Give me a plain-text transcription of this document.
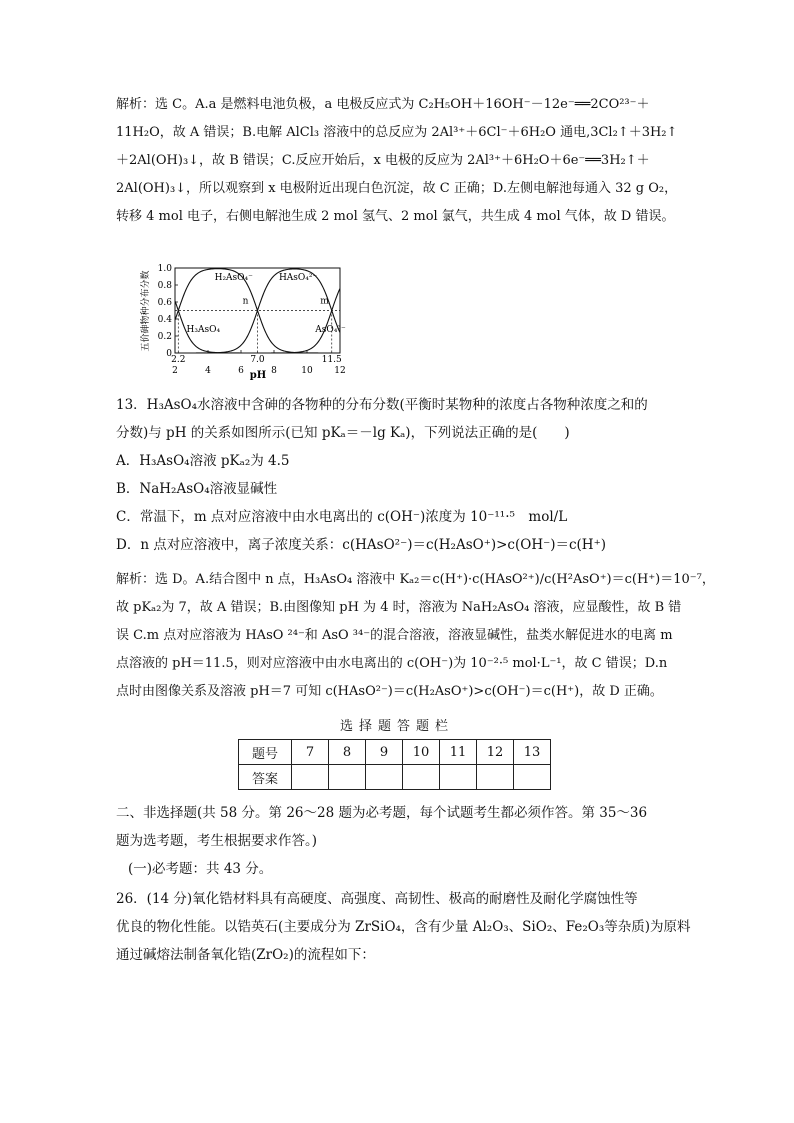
解析：选 C。A.a 是燃料电池负极，a 电极反应式为 C₂H₅OH＋16OH⁻－12e⁻══2CO²³⁻＋
11H₂O，故 A 错误；B.电解 AlCl₃ 溶液中的总反应为 2Al³⁺＋6Cl⁻＋6H₂O 通电,3Cl₂↑＋3H₂↑
＋2Al(OH)₃↓，故 B 错误；C.反应开始后，x 电极的反应为 2Al³⁺＋6H₂O＋6e⁻══3H₂↑＋
2Al(OH)₃↓，所以观察到 x 电极附近出现白色沉淀，故 C 正确；D.左侧电解池每通入 32 g O₂，
转移 4 mol 电子，右侧电解池生成 2 mol 氢气、2 mol 氯气，共生成 4 mol 气体，故 D 错误。
五价砷物种分布分数
0
0.2
0.4
0.6
0.8
1.0
2	4	6	8	10 12
2.2	7.0	11.5
H₃AsO₄
H₂AsO₄⁻	HAsO₄²⁻
AsO₄³⁻
n	m
pH
13．H₃AsO₄水溶液中含砷的各物种的分布分数(平衡时某物种的浓度占各物种浓度之和的
分数)与 pH 的关系如图所示(已知 pKₐ＝－lg Kₐ)，下列说法正确的是(　　)
A．H₃AsO₄溶液 pKₐ₂为 4.5
B．NaH₂AsO₄溶液显碱性
C．常温下，m 点对应溶液中由水电离出的 c(OH⁻)浓度为 10⁻¹¹·⁵　mol/L
D．n 点对应溶液中，离子浓度关系：c(HAsO²⁻)＝c(H₂AsO⁺)>c(OH⁻)＝c(H⁺)
解析：选 D。A.结合图中 n 点，H₃AsO₄ 溶液中 Kₐ₂＝c(H⁺)·c(HAsO²⁺)/c(H²AsO⁺)＝c(H⁺)＝10⁻⁷，
故 pKₐ₂为 7，故 A 错误；B.由图像知 pH 为 4 时，溶液为 NaH₂AsO₄ 溶液，应显酸性，故 B 错
误 C.m 点对应溶液为 HAsO ²⁴⁻和 AsO ³⁴⁻的混合溶液，溶液显碱性，盐类水解促进水的电离 m
点溶液的 pH＝11.5，则对应溶液中由水电离出的 c(OH⁻)为 10⁻²·⁵ mol·L⁻¹，故 C 错误；D.n
点时由图像关系及溶液 pH＝7 可知 c(HAsO²⁻)＝c(H₂AsO⁺)>c(OH⁻)＝c(H⁺)，故 D 正确。
选择题答题栏
题号	7	8	9	10	11	12	13
答案							
二、非选择题(共 58 分。第 26～28 题为必考题，每个试题考生都必须作答。第 35～36
题为选考题，考生根据要求作答。)
(一)必考题：共 43 分。
26．(14 分)氧化锆材料具有高硬度、高强度、高韧性、极高的耐磨性及耐化学腐蚀性等
优良的物化性能。以锆英石(主要成分为 ZrSiO₄，含有少量 Al₂O₃、SiO₂、Fe₂O₃等杂质)为原料
通过碱熔法制备氧化锆(ZrO₂)的流程如下：
